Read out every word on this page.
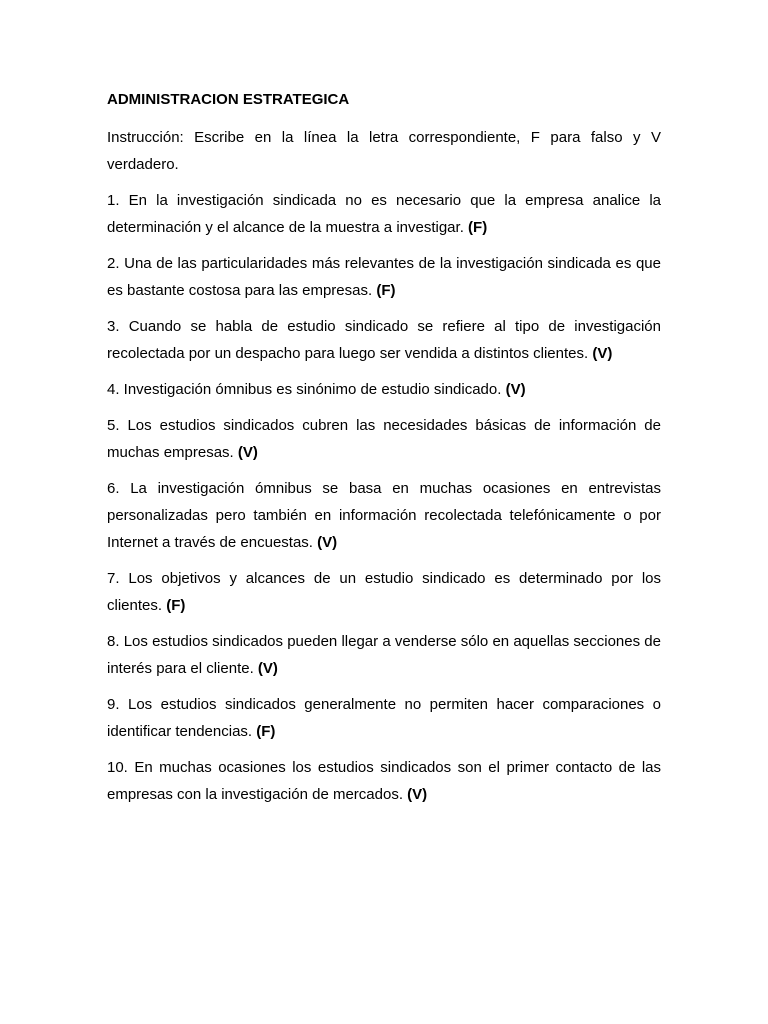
ADMINISTRACION ESTRATEGICA

Instrucción: Escribe en la línea la letra correspondiente, F para falso y V verdadero.

1. En la investigación sindicada no es necesario que la empresa analice la determinación y el alcance de la muestra a investigar. (F)

2. Una de las particularidades más relevantes de la investigación sindicada es que es bastante costosa para las empresas. (F)

3. Cuando se habla de estudio sindicado se refiere al tipo de investigación recolectada por un despacho para luego ser vendida a distintos clientes. (V)

4. Investigación ómnibus es sinónimo de estudio sindicado. (V)

5. Los estudios sindicados cubren las necesidades básicas de información de muchas empresas. (V)

6. La investigación ómnibus se basa en muchas ocasiones en entrevistas personalizadas pero también en información recolectada telefónicamente o por Internet a través de encuestas. (V)

7. Los objetivos y alcances de un estudio sindicado es determinado por los clientes. (F)

8. Los estudios sindicados pueden llegar a venderse sólo en aquellas secciones de interés para el cliente. (V)

9. Los estudios sindicados generalmente no permiten hacer comparaciones o identificar tendencias. (F)

10. En muchas ocasiones los estudios sindicados son el primer contacto de las empresas con la investigación de mercados. (V)
